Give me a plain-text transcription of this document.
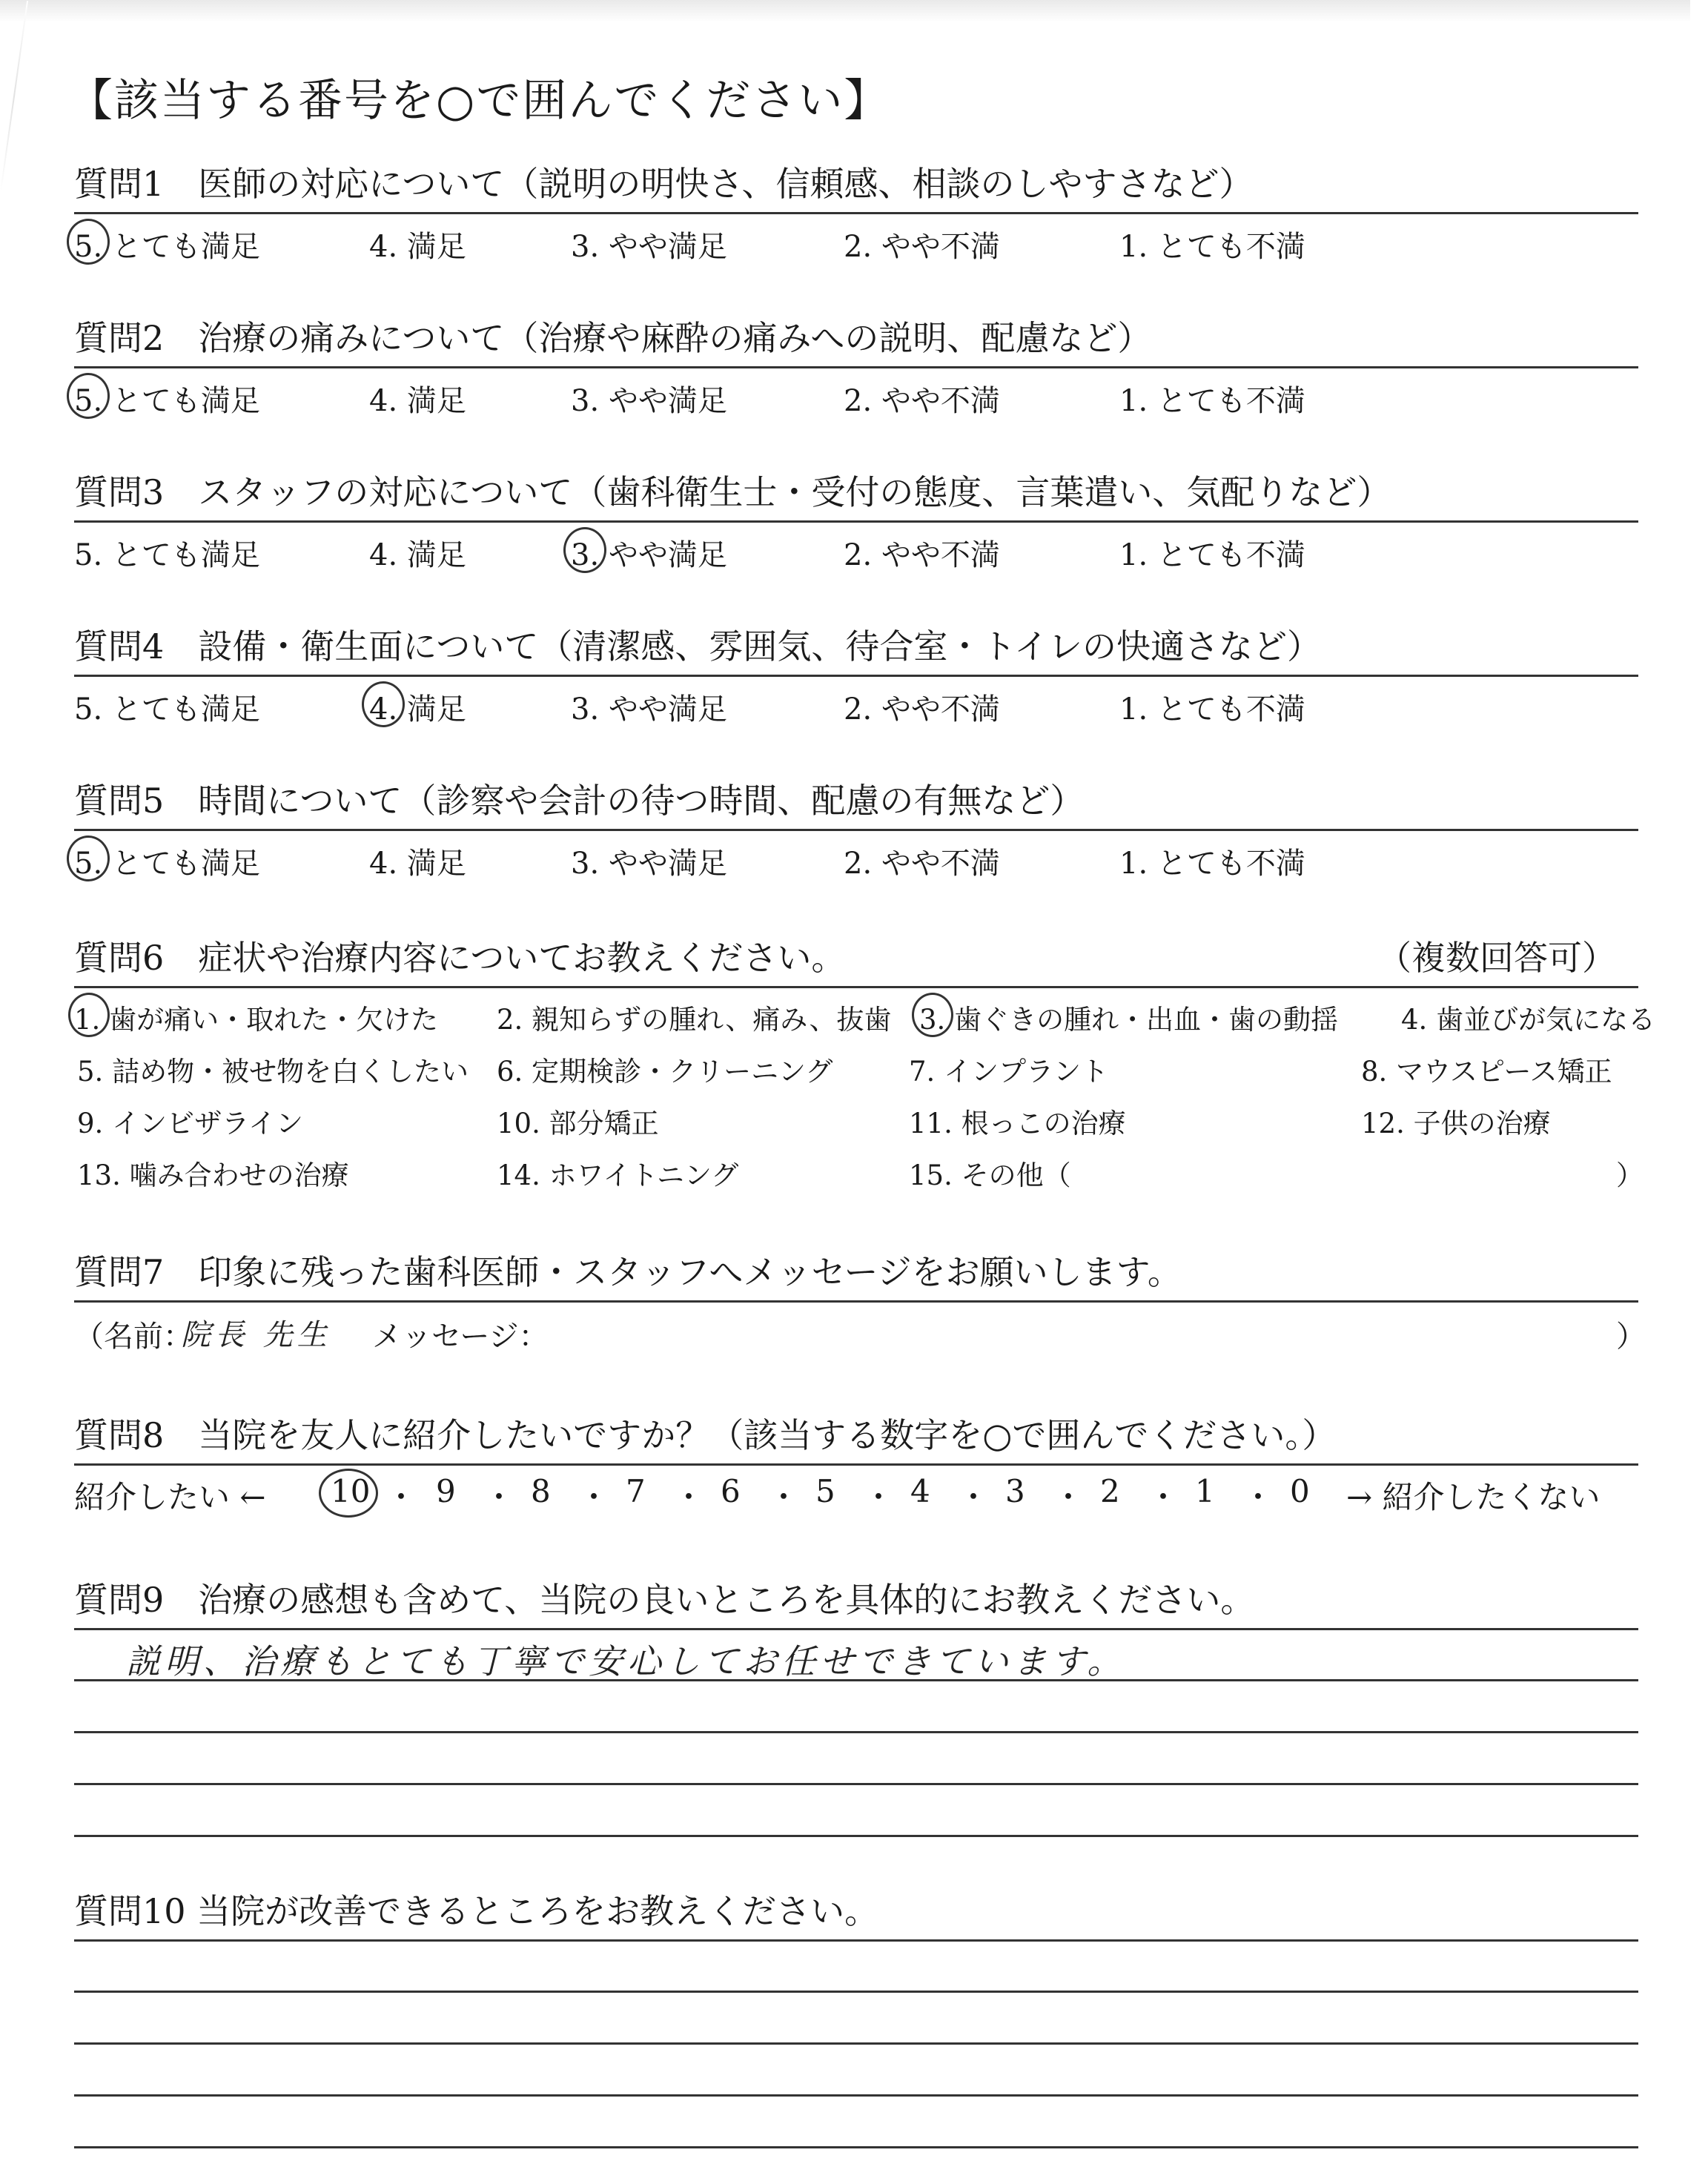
【該当する番号を○で囲んでください】
質問1　医師の対応について（説明の明快さ、信頼感、相談のしやすさなど）
5. とても満足	4. 満足	3. やや満足	2. やや不満	1. とても不満
質問2　治療の痛みについて（治療や麻酔の痛みへの説明、配慮など）
5. とても満足	4. 満足	3. やや満足	2. やや不満	1. とても不満
質問3　スタッフの対応について（歯科衛生士・受付の態度、言葉遣い、気配りなど）
5. とても満足	4. 満足	3. やや満足	2. やや不満	1. とても不満
質問4　設備・衛生面について（清潔感、雰囲気、待合室・トイレの快適さなど）
5. とても満足	4. 満足	3. やや満足	2. やや不満	1. とても不満
質問5　時間について（診察や会計の待つ時間、配慮の有無など）
5. とても満足	4. 満足	3. やや満足	2. やや不満	1. とても不満
質問6　症状や治療内容についてお教えください。	（複数回答可）
1. 歯が痛い・取れた・欠けた 2. 親知らずの腫れ、痛み、抜歯 3. 歯ぐきの腫れ・出血・歯の動揺 4. 歯並びが気になる
5. 詰め物・被せ物を白くしたい 6. 定期検診・クリーニング	7. インプラント	8. マウスピース矯正
9. インビザライン	10. 部分矯正	11. 根っこの治療	12. 子供の治療
13. 噛み合わせの治療	14. ホワイトニング	15. その他（	）
質問7　印象に残った歯科医師・スタッフへメッセージをお願いします。
（名前：
院長 先生 メッセージ：	）
質問8　当院を友人に紹介したいですか？（該当する数字を○で囲んでください。）
紹介したい ← 10 ・ 9 ・ 8 ・ 7 ・ 6 ・ 5 ・ 4 ・ 3 ・ 2 ・ 1 ・ 0 → 紹介したくない
質問9　治療の感想も含めて、当院の良いところを具体的にお教えください。
説明、治療もとても丁寧で安心してお任せできています。
質問10 当院が改善できるところをお教えください。
